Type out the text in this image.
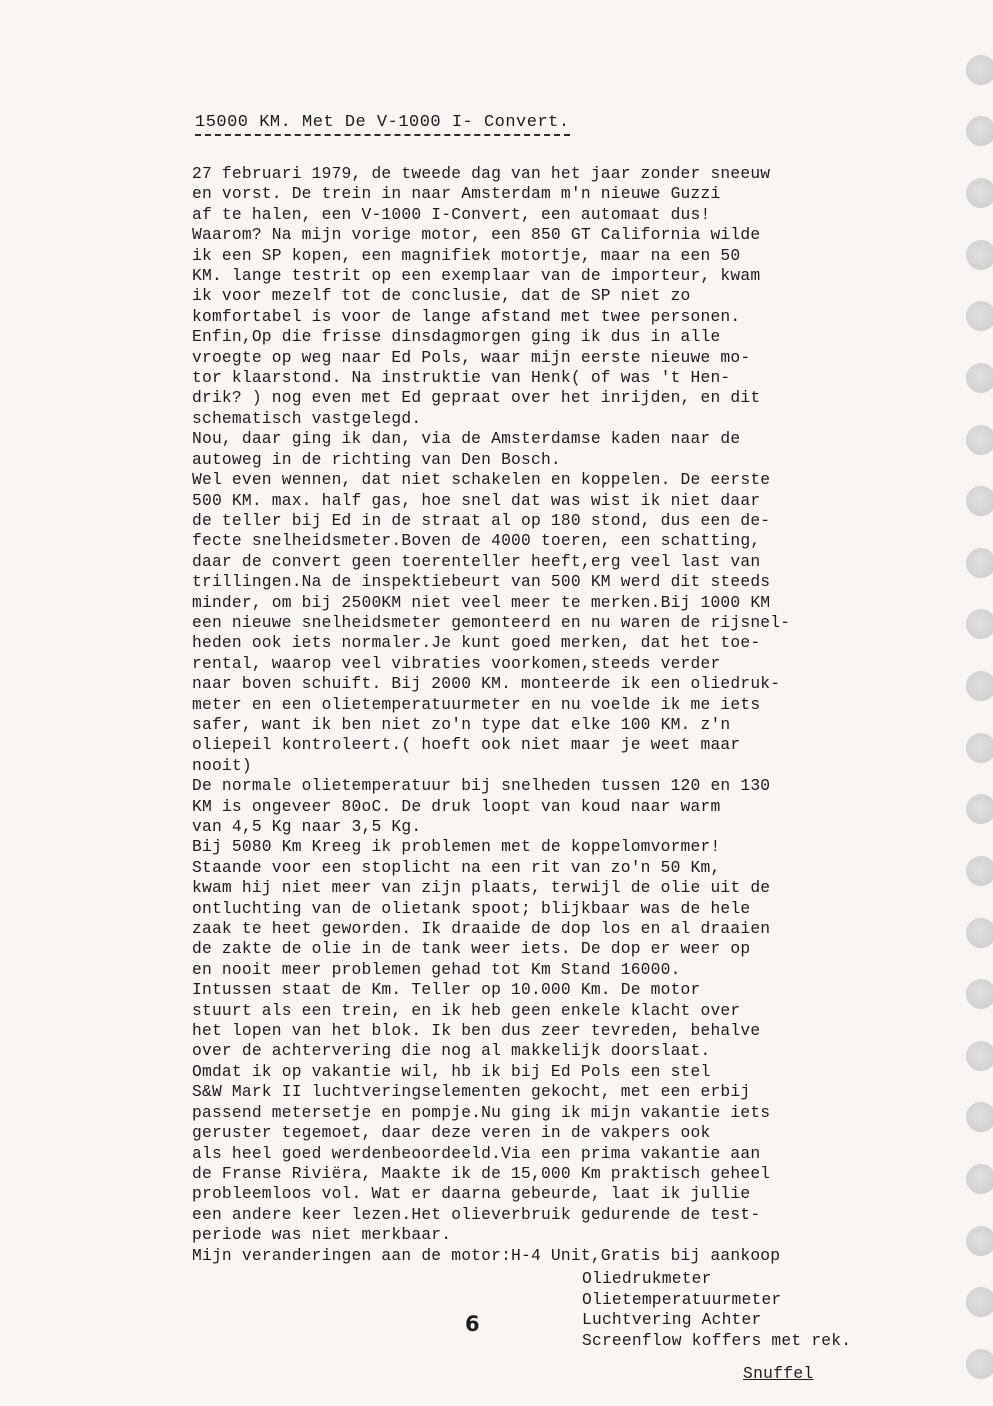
15000 KM. Met De V-1000 I- Convert.
27 februari 1979, de tweede dag van het jaar zonder sneeuw
en vorst. De trein in naar Amsterdam m'n nieuwe Guzzi
af te halen, een V-1000 I-Convert, een automaat dus!
Waarom? Na mijn vorige motor, een 850 GT California wilde
ik een SP kopen, een magnifiek motortje, maar na een 50
KM. lange testrit op een exemplaar van de importeur, kwam
ik voor mezelf tot de conclusie, dat de SP niet zo
komfortabel is voor de lange afstand met twee personen.
Enfin,Op die frisse dinsdagmorgen ging ik dus in alle
vroegte op weg naar Ed Pols, waar mijn eerste nieuwe mo-
tor klaarstond. Na instruktie van Henk( of was 't Hen-
drik? ) nog even met Ed gepraat over het inrijden, en dit
schematisch vastgelegd.
Nou, daar ging ik dan, via de Amsterdamse kaden naar de
autoweg in de richting van Den Bosch.
Wel even wennen, dat niet schakelen en koppelen. De eerste
500 KM. max. half gas, hoe snel dat was wist ik niet daar
de teller bij Ed in de straat al op 180 stond, dus een de-
fecte snelheidsmeter.Boven de 4000 toeren, een schatting,
daar de convert geen toerenteller heeft,erg veel last van
trillingen.Na de inspektiebeurt van 500 KM werd dit steeds
minder, om bij 2500KM niet veel meer te merken.Bij 1000 KM
een nieuwe snelheidsmeter gemonteerd en nu waren de rijsnel-
heden ook iets normaler.Je kunt goed merken, dat het toe-
rental, waarop veel vibraties voorkomen,steeds verder
naar boven schuift. Bij 2000 KM. monteerde ik een oliedruk-
meter en een olietemperatuurmeter en nu voelde ik me iets
safer, want ik ben niet zo'n type dat elke 100 KM. z'n
oliepeil kontroleert.( hoeft ook niet maar je weet maar
nooit)
De normale olietemperatuur bij snelheden tussen 120 en 130
KM is ongeveer 80oC. De druk loopt van koud naar warm
van 4,5 Kg naar 3,5 Kg.
Bij 5080 Km Kreeg ik problemen met de koppelomvormer!
Staande voor een stoplicht na een rit van zo'n 50 Km,
kwam hij niet meer van zijn plaats, terwijl de olie uit de
ontluchting van de olietank spoot; blijkbaar was de hele
zaak te heet geworden. Ik draaide de dop los en al draaien
de zakte de olie in de tank weer iets. De dop er weer op
en nooit meer problemen gehad tot Km Stand 16000.
Intussen staat de Km. Teller op 10.000 Km. De motor
stuurt als een trein, en ik heb geen enkele klacht over
het lopen van het blok. Ik ben dus zeer tevreden, behalve
over de achtervering die nog al makkelijk doorslaat.
Omdat ik op vakantie wil, hb ik bij Ed Pols een stel
S&W Mark II luchtveringselementen gekocht, met een erbij
passend metersetje en pompje.Nu ging ik mijn vakantie iets
geruster tegemoet, daar deze veren in de vakpers ook
als heel goed werdenbeoordeeld.Via een prima vakantie aan
de Franse Riviëra, Maakte ik de 15,000 Km praktisch geheel
probleemloos vol. Wat er daarna gebeurde, laat ik jullie
een andere keer lezen.Het olieverbruik gedurende de test-
periode was niet merkbaar.
Mijn veranderingen aan de motor:H-4 Unit,Gratis bij aankoop
Oliedrukmeter
Olietemperatuurmeter
Luchtvering Achter
Screenflow koffers met rek.
6
Snuffel
